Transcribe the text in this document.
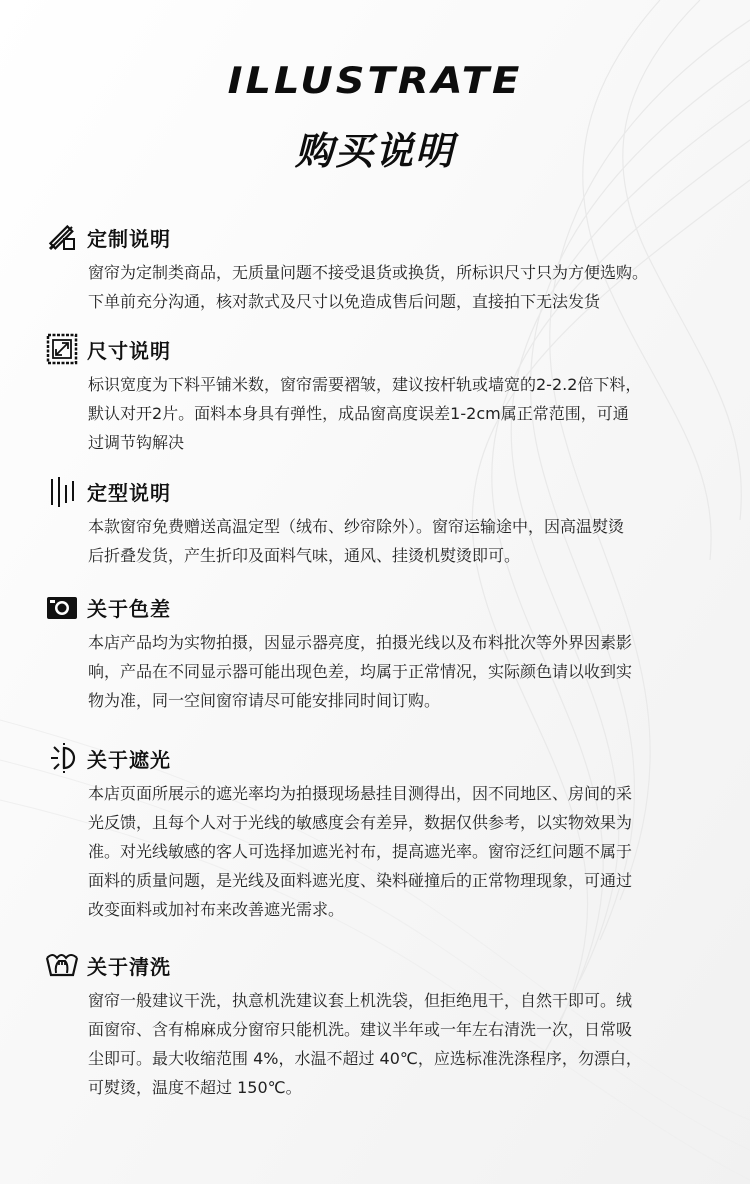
ILLUSTRATE
购买说明
定制说明
窗帘为定制类商品，无质量问题不接受退货或换货，所标识尺寸只为方便选购。
下单前充分沟通，核对款式及尺寸以免造成售后问题，直接拍下无法发货
尺寸说明
标识宽度为下料平铺米数，窗帘需要褶皱，建议按杆轨或墙宽的2-2.2倍下料，
默认对开2片。面料本身具有弹性，成品窗高度误差1-2cm属正常范围，可通
过调节钩解决
定型说明
本款窗帘免费赠送高温定型（绒布、纱帘除外）。窗帘运输途中，因高温熨烫
后折叠发货，产生折印及面料气味，通风、挂烫机熨烫即可。
关于色差
本店产品均为实物拍摄，因显示器亮度，拍摄光线以及布料批次等外界因素影
响，产品在不同显示器可能出现色差，均属于正常情况，实际颜色请以收到实
物为准，同一空间窗帘请尽可能安排同时间订购。
关于遮光
本店页面所展示的遮光率均为拍摄现场悬挂目测得出，因不同地区、房间的采
光反馈，且每个人对于光线的敏感度会有差异，数据仅供参考，以实物效果为
准。对光线敏感的客人可选择加遮光衬布，提高遮光率。窗帘泛红问题不属于
面料的质量问题，是光线及面料遮光度、染料碰撞后的正常物理现象，可通过
改变面料或加衬布来改善遮光需求。
关于清洗
窗帘一般建议干洗，执意机洗建议套上机洗袋，但拒绝甩干，自然干即可。绒
面窗帘、含有棉麻成分窗帘只能机洗。建议半年或一年左右清洗一次，日常吸
尘即可。最大收缩范围 4%，水温不超过 40℃，应选标准洗涤程序，勿漂白，
可熨烫，温度不超过 150℃。
